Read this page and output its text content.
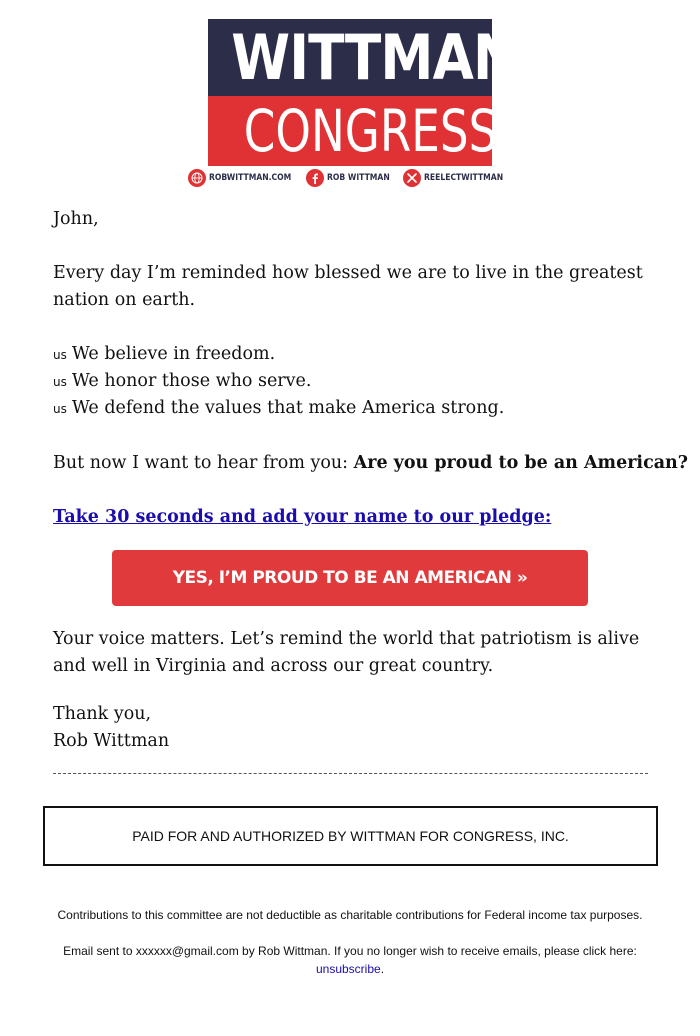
WITTMAN
CONGRESS
ROBWITTMAN.COM	ROB WITTMAN	REELECTWITTMAN

John,

Every day I’m reminded how blessed we are to live in the greatest nation on earth.

us We believe in freedom.

us We honor those who serve.

us We defend the values that make America strong.

But now I want to hear from you: Are you proud to be an American?

Take 30 seconds and add your name to our pledge:
YES, I’M PROUD TO BE AN AMERICAN »

Your voice matters. Let’s remind the world that patriotism is alive and well in Virginia and across our great country.

Thank you,

Rob Wittman

PAID FOR AND AUTHORIZED BY WITTMAN FOR CONGRESS, INC.
Contributions to this committee are not deductible as charitable contributions for Federal income tax purposes.
Email sent to xxxxxx@gmail.com by Rob Wittman. If you no longer wish to receive emails, please click here:
unsubscribe.
